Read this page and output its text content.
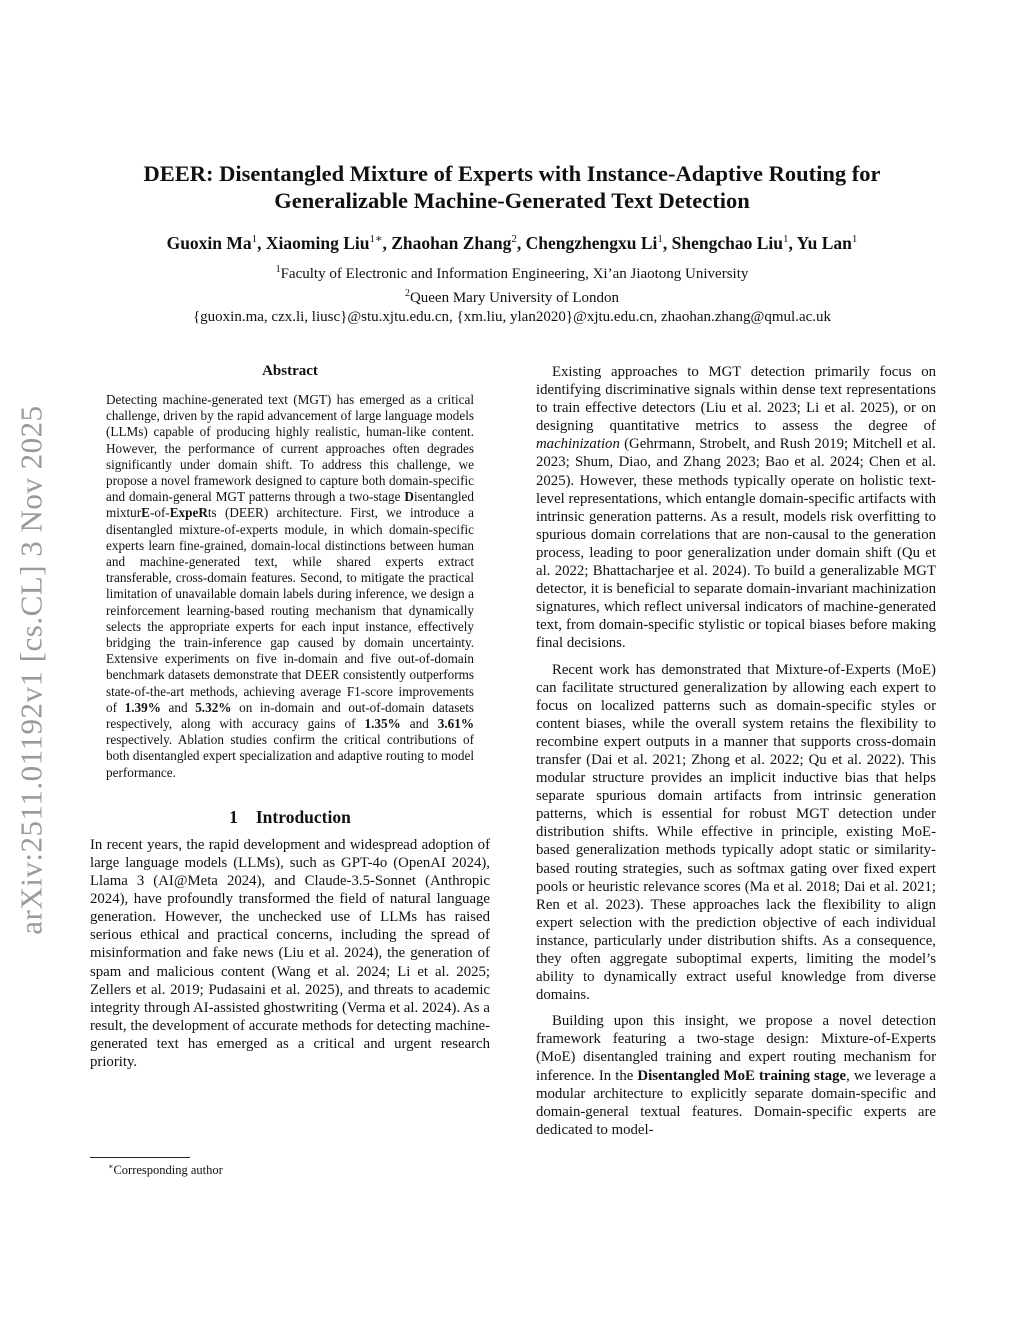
arXiv:2511.01192v1 [cs.CL] 3 Nov 2025
DEER: Disentangled Mixture of Experts with Instance-Adaptive Routing for
Generalizable Machine-Generated Text Detection
Guoxin Ma$^1$, Xiaoming Liu$^{1∗}$, Zhaohan Zhang$^2$, Chengzhengxu Li$^1$, Shengchao Liu$^1$, Yu Lan$^1$
$^1$Faculty of Electronic and Information Engineering, Xi’an Jiaotong University
$^2$Queen Mary University of London
{guoxin.ma, czx.li, liusc}@stu.xjtu.edu.cn, {xm.liu, ylan2020}@xjtu.edu.cn, zhaohan.zhang@qmul.ac.uk
Abstract

Detecting machine-generated text (MGT) has emerged as a critical challenge, driven by the rapid advancement of large language models (LLMs) capable of producing highly realistic, human-like content. However, the performance of current approaches often degrades significantly under domain shift. To address this challenge, we propose a novel framework designed to capture both domain-specific and domain-general MGT patterns through a two-stage Disentangled mixturE-of-ExpeRts (DEER) architecture. First, we introduce a disentangled mixture-of-experts module, in which domain-specific experts learn fine-grained, domain-local distinctions between human and machine-generated text, while shared experts extract transferable, cross-domain features. Second, to mitigate the practical limitation of unavailable domain labels during inference, we design a reinforcement learning-based routing mechanism that dynamically selects the appropriate experts for each input instance, effectively bridging the train-inference gap caused by domain uncertainty. Extensive experiments on five in-domain and five out-of-domain benchmark datasets demonstrate that DEER consistently outperforms state-of-the-art methods, achieving average F1-score improvements of 1.39% and 5.32% on in-domain and out-of-domain datasets respectively, along with accuracy gains of 1.35% and 3.61% respectively. Ablation studies confirm the critical contributions of both disentangled expert specialization and adaptive routing to model performance.

1 Introduction

In recent years, the rapid development and widespread adoption of large language models (LLMs), such as GPT-4o (OpenAI 2024), Llama 3 (AI@Meta 2024), and Claude-3.5-Sonnet (Anthropic 2024), have profoundly transformed the field of natural language generation. However, the unchecked use of LLMs has raised serious ethical and practical concerns, including the spread of misinformation and fake news (Liu et al. 2024), the generation of spam and malicious content (Wang et al. 2024; Li et al. 2025; Zellers et al. 2019; Pudasaini et al. 2025), and threats to academic integrity through AI-assisted ghostwriting (Verma et al. 2024). As a result, the development of accurate methods for detecting machine-generated text has emerged as a critical and urgent research priority.

Existing approaches to MGT detection primarily focus on identifying discriminative signals within dense text representations to train effective detectors (Liu et al. 2023; Li et al. 2025), or on designing quantitative metrics to assess the degree of machinization (Gehrmann, Strobelt, and Rush 2019; Mitchell et al. 2023; Shum, Diao, and Zhang 2023; Bao et al. 2024; Chen et al. 2025). However, these methods typically operate on holistic text-level representations, which entangle domain-specific artifacts with intrinsic generation patterns. As a result, models risk overfitting to spurious domain correlations that are non-causal to the generation process, leading to poor generalization under domain shift (Qu et al. 2022; Bhattacharjee et al. 2024). To build a generalizable MGT detector, it is beneficial to separate domain-invariant machinization signatures, which reflect universal indicators of machine-generated text, from domain-specific stylistic or topical biases before making final decisions.

Recent work has demonstrated that Mixture-of-Experts (MoE) can facilitate structured generalization by allowing each expert to focus on localized patterns such as domain-specific styles or content biases, while the overall system retains the flexibility to recombine expert outputs in a manner that supports cross-domain transfer (Dai et al. 2021; Zhong et al. 2022; Qu et al. 2022). This modular structure provides an implicit inductive bias that helps separate spurious domain artifacts from intrinsic generation patterns, which is essential for robust MGT detection under distribution shifts. While effective in principle, existing MoE-based generalization methods typically adopt static or similarity-based routing strategies, such as softmax gating over fixed expert pools or heuristic relevance scores (Ma et al. 2018; Dai et al. 2021; Ren et al. 2023). These approaches lack the flexibility to align expert selection with the prediction objective of each individual instance, particularly under distribution shifts. As a consequence, they often aggregate suboptimal experts, limiting the model’s ability to dynamically extract useful knowledge from diverse domains.

Building upon this insight, we propose a novel detection framework featuring a two-stage design: Mixture-of-Experts (MoE) disentangled training and expert routing mechanism for inference. In the Disentangled MoE training stage, we leverage a modular architecture to explicitly separate domain-specific and domain-general textual features. Domain-specific experts are dedicated to model-

∗Corresponding author
